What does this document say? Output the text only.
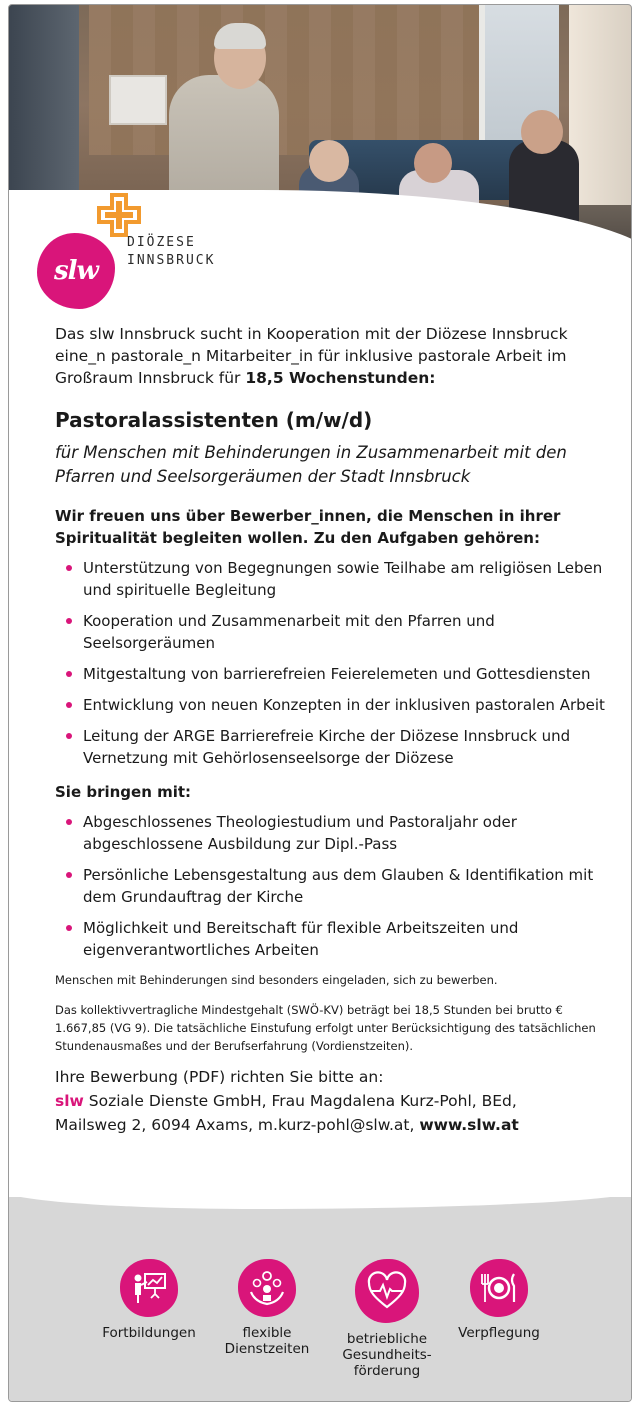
DIÖZESE
INNSBRUCK
slw

Das slw Innsbruck sucht in Kooperation mit der Diözese Innsbruck eine_n pastorale_n Mitarbeiter_in für inklusive pastorale Arbeit im Großraum Innsbruck für 18,5 Wochenstunden:

Pastoralassistenten (m/w/d)

für Menschen mit Behinderungen in Zusammenarbeit mit den Pfarren und Seelsorgeräumen der Stadt Innsbruck

Wir freuen uns über Bewerber_innen, die Menschen in ihrer Spiritualität begleiten wollen. Zu den Aufgaben gehören:

Unterstützung von Begegnungen sowie Teilhabe am religiösen Leben und spirituelle Begleitung
Kooperation und Zusammenarbeit mit den Pfarren und Seelsorgeräumen
Mitgestaltung von barrierefreien Feierelemeten und Gottesdiensten
Entwicklung von neuen Konzepten in der inklusiven pastoralen Arbeit
Leitung der ARGE Barrierefreie Kirche der Diözese Innsbruck und Vernetzung mit Gehörlosenseelsorge der Diözese

Sie bringen mit:

Abgeschlossenes Theologiestudium und Pastoraljahr oder abgeschlossene Ausbildung zur Dipl.-Pass
Persönliche Lebensgestaltung aus dem Glauben & Identifikation mit dem Grundauftrag der Kirche
Möglichkeit und Bereitschaft für flexible Arbeitszeiten und eigenverantwortliches Arbeiten

Menschen mit Behinderungen sind besonders eingeladen, sich zu bewerben.

Das kollektivvertragliche Mindestgehalt (SWÖ-KV) beträgt bei 18,5 Stunden bei brutto € 1.667,85 (VG 9). Die tatsächliche Einstufung erfolgt unter Berücksichtigung des tatsächlichen Stundenausmaßes und der Berufserfahrung (Vordienstzeiten).

Ihre Bewerbung (PDF) richten Sie bitte an:
slw Soziale Dienste GmbH, Frau Magdalena Kurz-Pohl, BEd,
Mailsweg 2, 6094 Axams, m.kurz-pohl@slw.at, www.slw.at
Fortbildungen	flexible
Dienstzeiten
betriebliche
Gesundheits-
förderung
Verpflegung
